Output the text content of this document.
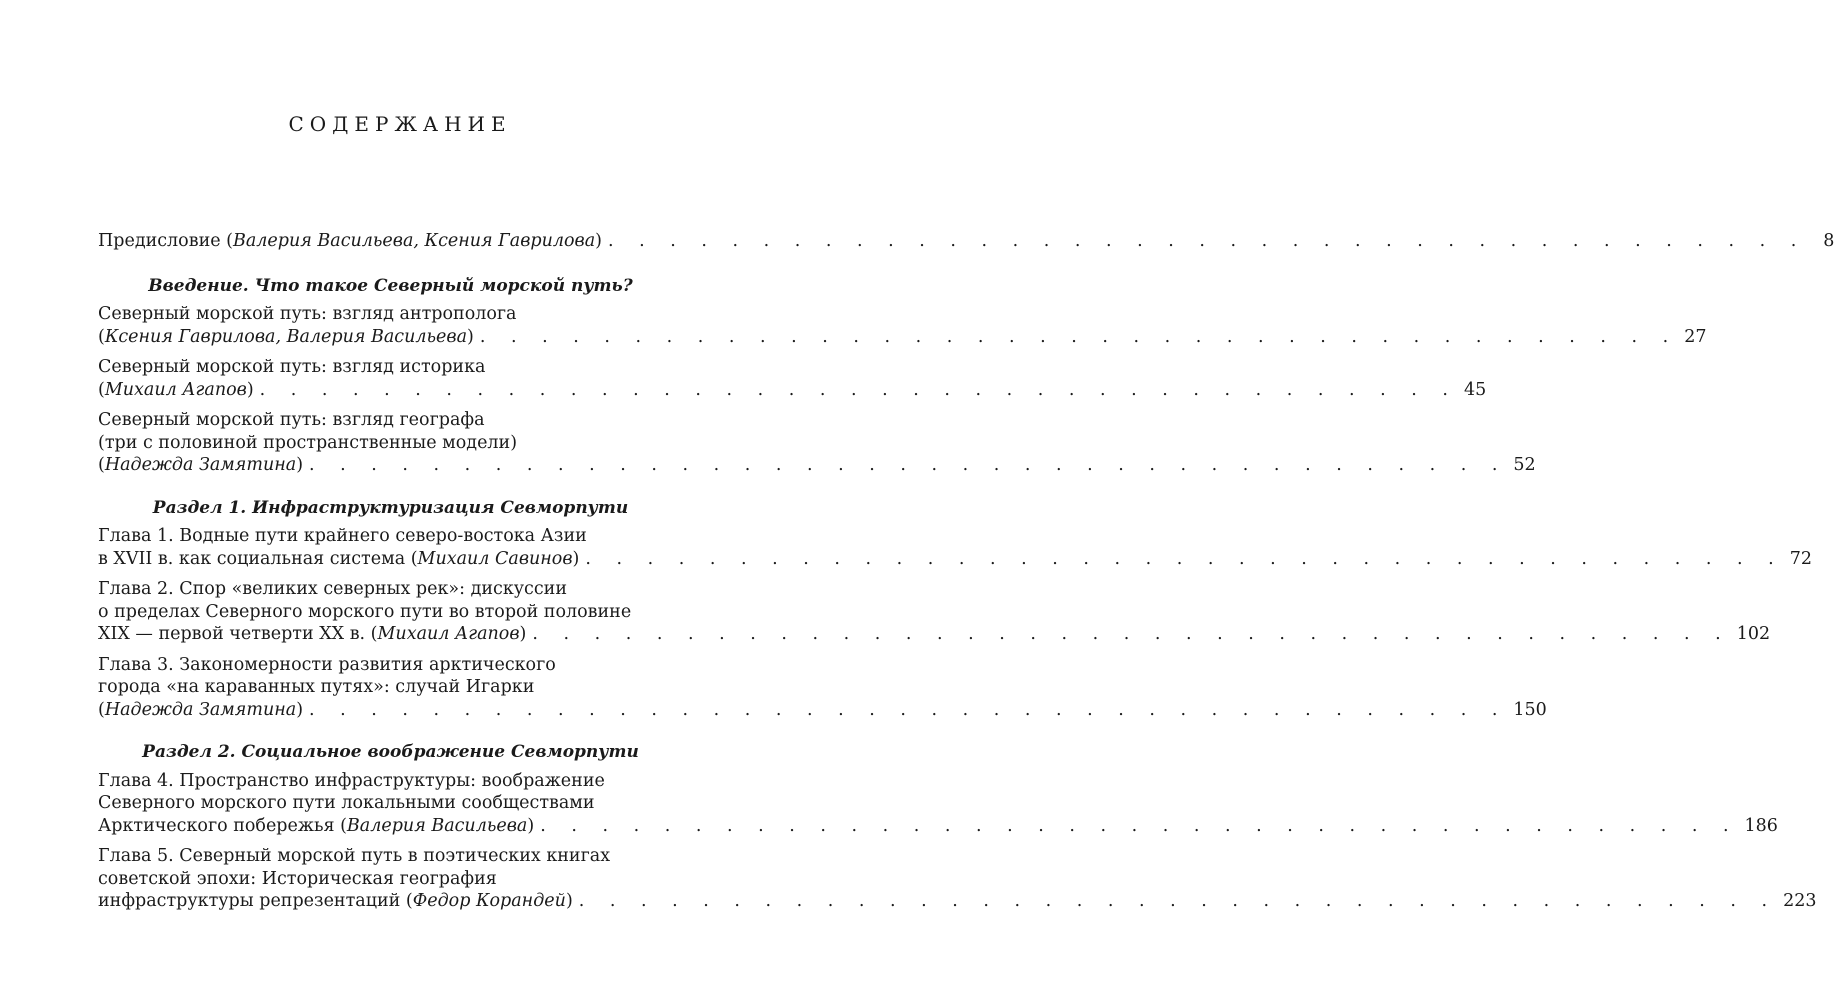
СОДЕРЖАНИЕ
Предисловие (Валерия Васильева, Ксения Гаврилова) . . . . . . . . . . . . . . . . . . . . . . . . . . . . . . . . . . . . . . . 8
Введение. Что такое Северный морской путь?
Северный морской путь: взгляд антрополога
(Ксения Гаврилова, Валерия Васильева) . . . . . . . . . . . . . . . . . . . . . . . . . . . . . . . . . . . . . . . 27
Северный морской путь: взгляд историка
(Михаил Агапов) . . . . . . . . . . . . . . . . . . . . . . . . . . . . . . . . . . . . . . . 45
Северный морской путь: взгляд географа
(три с половиной пространственные модели)
(Надежда Замятина) . . . . . . . . . . . . . . . . . . . . . . . . . . . . . . . . . . . . . . . 52
Раздел 1. Инфраструктуризация Севморпути
Глава 1. Водные пути крайнего северо-востока Азии
в XVII в. как социальная система (Михаил Савинов) . . . . . . . . . . . . . . . . . . . . . . . . . . . . . . . . . . . . . . . 72
Глава 2. Спор «великих северных рек»: дискуссии
о пределах Северного морского пути во второй половине
XIX — первой четверти XX в. (Михаил Агапов) . . . . . . . . . . . . . . . . . . . . . . . . . . . . . . . . . . . . . . . 102
Глава 3. Закономерности развития арктического
города «на караванных путях»: случай Игарки
(Надежда Замятина) . . . . . . . . . . . . . . . . . . . . . . . . . . . . . . . . . . . . . . . 150
Раздел 2. Социальное воображение Севморпути
Глава 4. Пространство инфраструктуры: воображение
Северного морского пути локальными сообществами
Арктического побережья (Валерия Васильева) . . . . . . . . . . . . . . . . . . . . . . . . . . . . . . . . . . . . . . . 186
Глава 5. Северный морской путь в поэтических книгах
советской эпохи: Историческая география
инфраструктуры репрезентаций (Федор Корандей) . . . . . . . . . . . . . . . . . . . . . . . . . . . . . . . . . . . . . . . 223
